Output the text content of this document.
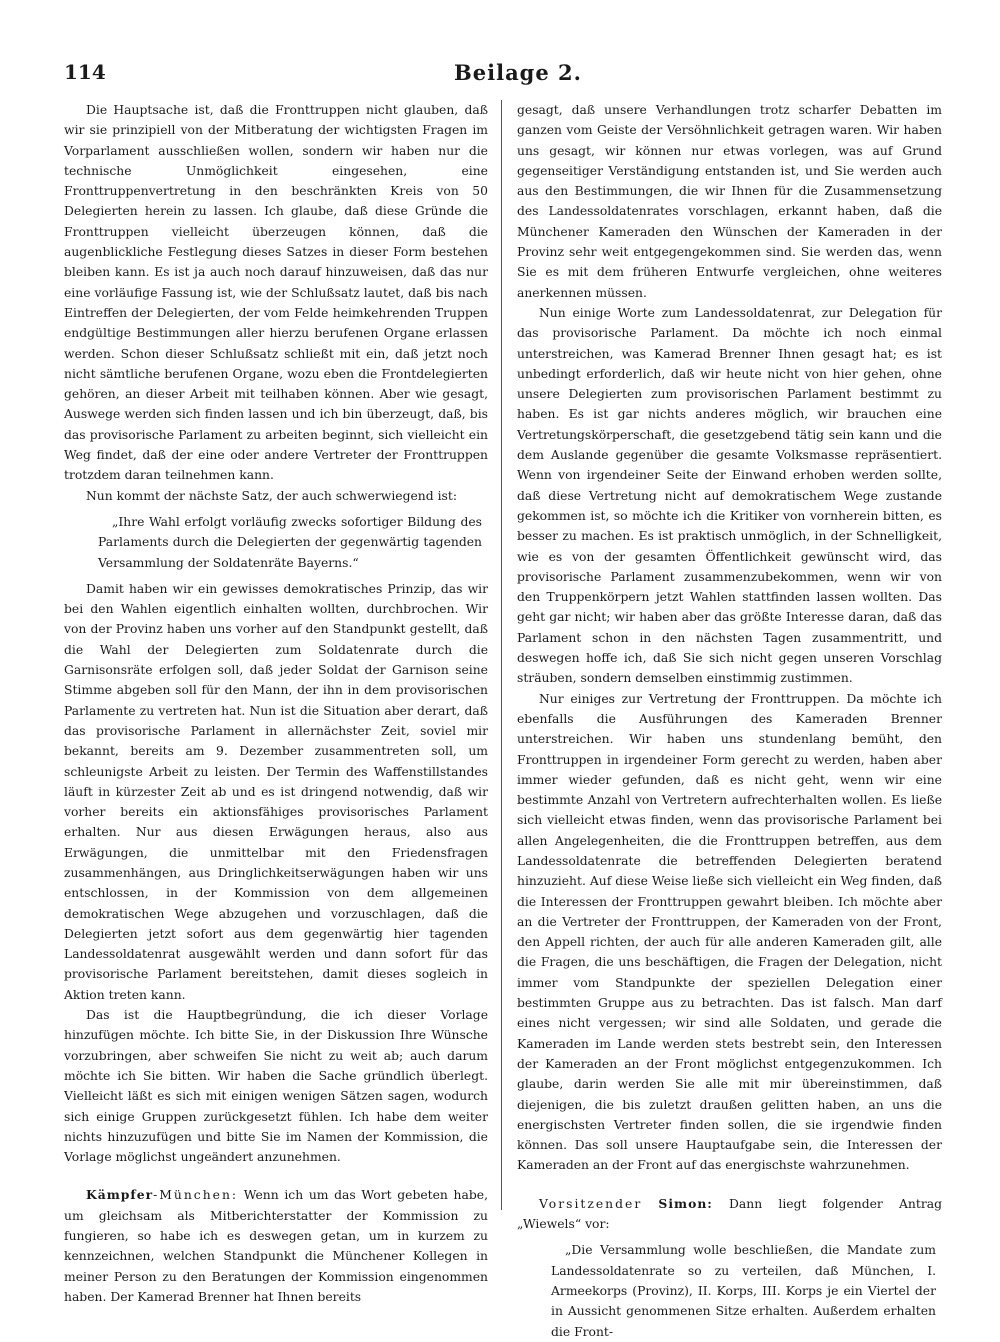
114	Beilage 2.

Die Hauptsache ist, daß die Fronttruppen nicht glauben, daß wir sie prinzipiell von der Mitberatung der wichtigsten Fragen im Vorparlament ausschließen wollen, sondern wir haben nur die technische Unmöglichkeit eingesehen, eine Fronttruppenvertretung in den beschränkten Kreis von 50 Delegierten herein zu lassen. Ich glaube, daß diese Gründe die Fronttruppen vielleicht überzeugen können, daß die augenblickliche Festlegung dieses Satzes in dieser Form bestehen bleiben kann. Es ist ja auch noch darauf hinzuweisen, daß das nur eine vorläufige Fassung ist, wie der Schlußsatz lautet, daß bis nach Eintreffen der Delegierten, der vom Felde heimkehrenden Truppen endgültige Bestimmungen aller hierzu berufenen Organe erlassen werden. Schon dieser Schlußsatz schließt mit ein, daß jetzt noch nicht sämtliche berufenen Organe, wozu eben die Frontdelegierten gehören, an dieser Arbeit mit teilhaben können. Aber wie gesagt, Auswege werden sich finden lassen und ich bin überzeugt, daß, bis das provisorische Parlament zu arbeiten beginnt, sich vielleicht ein Weg findet, daß der eine oder andere Vertreter der Fronttruppen trotzdem daran teilnehmen kann.

Nun kommt der nächste Satz, der auch schwerwiegend ist:

„Ihre Wahl erfolgt vorläufig zwecks sofortiger Bildung des Parlaments durch die Delegierten der gegenwärtig tagenden Versammlung der Soldatenräte Bayerns.“

Damit haben wir ein gewisses demokratisches Prinzip, das wir bei den Wahlen eigentlich einhalten wollten, durchbrochen. Wir von der Provinz haben uns vorher auf den Standpunkt gestellt, daß die Wahl der Delegierten zum Soldatenrate durch die Garnisonsräte erfolgen soll, daß jeder Soldat der Garnison seine Stimme abgeben soll für den Mann, der ihn in dem provisorischen Parlamente zu vertreten hat. Nun ist die Situation aber derart, daß das provisorische Parlament in allernächster Zeit, soviel mir bekannt, bereits am 9. Dezember zusammentreten soll, um schleunigste Arbeit zu leisten. Der Termin des Waffenstillstandes läuft in kürzester Zeit ab und es ist dringend notwendig, daß wir vorher bereits ein aktionsfähiges provisorisches Parlament erhalten. Nur aus diesen Erwägungen heraus, also aus Erwägungen, die unmittelbar mit den Friedensfragen zusammenhängen, aus Dringlichkeitserwägungen haben wir uns entschlossen, in der Kommission von dem allgemeinen demokratischen Wege abzugehen und vorzuschlagen, daß die Delegierten jetzt sofort aus dem gegenwärtig hier tagenden Landessoldatenrat ausgewählt werden und dann sofort für das provisorische Parlament bereitstehen, damit dieses sogleich in Aktion treten kann.

Das ist die Hauptbegründung, die ich dieser Vorlage hinzufügen möchte. Ich bitte Sie, in der Diskussion Ihre Wünsche vorzubringen, aber schweifen Sie nicht zu weit ab; auch darum möchte ich Sie bitten. Wir haben die Sache gründlich überlegt. Vielleicht läßt es sich mit einigen wenigen Sätzen sagen, wodurch sich einige Gruppen zurückgesetzt fühlen. Ich habe dem weiter nichts hinzuzufügen und bitte Sie im Namen der Kommission, die Vorlage möglichst ungeändert anzunehmen.

Kämpfer-München: Wenn ich um das Wort gebeten habe, um gleichsam als Mitberichterstatter der Kommission zu fungieren, so habe ich es deswegen getan, um in kurzem zu kennzeichnen, welchen Standpunkt die Münchener Kollegen in meiner Person zu den Beratungen der Kommission eingenommen haben. Der Kamerad Brenner hat Ihnen bereits

gesagt, daß unsere Verhandlungen trotz scharfer Debatten im ganzen vom Geiste der Versöhnlichkeit getragen waren. Wir haben uns gesagt, wir können nur etwas vorlegen, was auf Grund gegenseitiger Verständigung entstanden ist, und Sie werden auch aus den Bestimmungen, die wir Ihnen für die Zusammensetzung des Landessoldatenrates vorschlagen, erkannt haben, daß die Münchener Kameraden den Wünschen der Kameraden in der Provinz sehr weit entgegengekommen sind. Sie werden das, wenn Sie es mit dem früheren Entwurfe vergleichen, ohne weiteres anerkennen müssen.

Nun einige Worte zum Landessoldatenrat, zur Delegation für das provisorische Parlament. Da möchte ich noch einmal unterstreichen, was Kamerad Brenner Ihnen gesagt hat; es ist unbedingt erforderlich, daß wir heute nicht von hier gehen, ohne unsere Delegierten zum provisorischen Parlament bestimmt zu haben. Es ist gar nichts anderes möglich, wir brauchen eine Vertretungskörperschaft, die gesetzgebend tätig sein kann und die dem Auslande gegenüber die gesamte Volksmasse repräsentiert. Wenn von irgendeiner Seite der Einwand erhoben werden sollte, daß diese Vertretung nicht auf demokratischem Wege zustande gekommen ist, so möchte ich die Kritiker von vornherein bitten, es besser zu machen. Es ist praktisch unmöglich, in der Schnelligkeit, wie es von der gesamten Öffentlichkeit gewünscht wird, das provisorische Parlament zusammenzubekommen, wenn wir von den Truppenkörpern jetzt Wahlen stattfinden lassen wollten. Das geht gar nicht; wir haben aber das größte Interesse daran, daß das Parlament schon in den nächsten Tagen zusammentritt, und deswegen hoffe ich, daß Sie sich nicht gegen unseren Vorschlag sträuben, sondern demselben einstimmig zustimmen.

Nur einiges zur Vertretung der Fronttruppen. Da möchte ich ebenfalls die Ausführungen des Kameraden Brenner unterstreichen. Wir haben uns stundenlang bemüht, den Fronttruppen in irgendeiner Form gerecht zu werden, haben aber immer wieder gefunden, daß es nicht geht, wenn wir eine bestimmte Anzahl von Vertretern aufrechterhalten wollen. Es ließe sich vielleicht etwas finden, wenn das provisorische Parlament bei allen Angelegenheiten, die die Fronttruppen betreffen, aus dem Landessoldatenrate die betreffenden Delegierten beratend hinzuzieht. Auf diese Weise ließe sich vielleicht ein Weg finden, daß die Interessen der Fronttruppen gewahrt bleiben. Ich möchte aber an die Vertreter der Fronttruppen, der Kameraden von der Front, den Appell richten, der auch für alle anderen Kameraden gilt, alle die Fragen, die uns beschäftigen, die Fragen der Delegation, nicht immer vom Standpunkte der speziellen Delegation einer bestimmten Gruppe aus zu betrachten. Das ist falsch. Man darf eines nicht vergessen; wir sind alle Soldaten, und gerade die Kameraden im Lande werden stets bestrebt sein, den Interessen der Kameraden an der Front möglichst entgegenzukommen. Ich glaube, darin werden Sie alle mit mir übereinstimmen, daß diejenigen, die bis zuletzt draußen gelitten haben, an uns die energischsten Vertreter finden sollen, die sie irgendwie finden können. Das soll unsere Hauptaufgabe sein, die Interessen der Kameraden an der Front auf das energischste wahrzunehmen.

Vorsitzender Simon: Dann liegt folgender Antrag „Wiewels“ vor:

„Die Versammlung wolle beschließen, die Mandate zum Landessoldatenrate so zu verteilen, daß München, I. Armeekorps (Provinz), II. Korps, III. Korps je ein Viertel der in Aussicht genommenen Sitze erhalten. Außerdem erhalten die Front-
